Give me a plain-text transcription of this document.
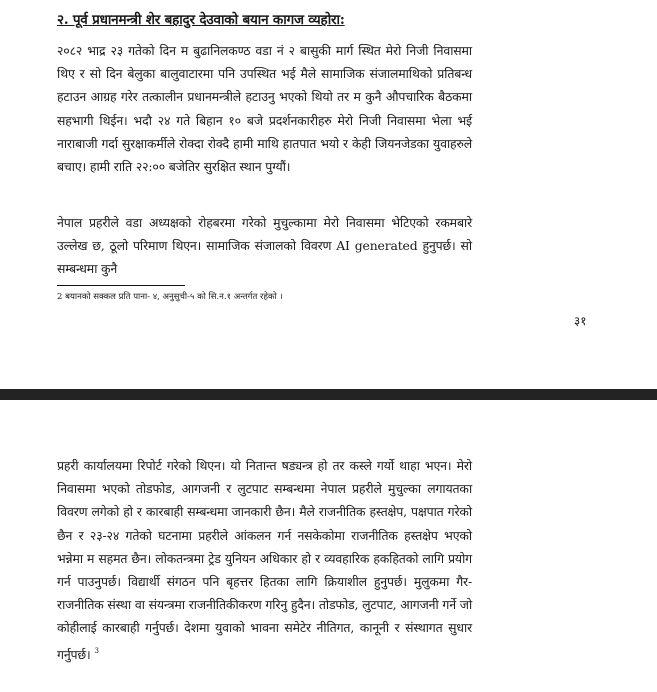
२. पूर्व प्रधानमन्त्री शेर बहादुर देउवाको बयान कागज व्यहोरा:
२०८२ भाद्र २३ गतेको दिन म बुढानिलकण्ठ वडा नं २ बासुकी मार्ग स्थित मेरो निजी निवासमा थिए र सो दिन बेलुका बालुवाटारमा पनि उपस्थित भई मैले सामाजिक संजालमाथिको प्रतिबन्ध हटाउन आग्रह गरेर तत्कालीन प्रधानमन्त्रीले हटाउनु भएको थियो तर म कुनै औपचारिक बैठकमा सहभागी थिईन। भदौ २४ गते बिहान १० बजे प्रदर्शनकारीहरु मेरो निजी निवासमा भेला भई नाराबाजी गर्दा सुरक्षाकर्मीले रोक्दा रोक्दै हामी माथि हातपात भयो र केही जियनजेडका युवाहरुले बचाए। हामी राति २२:०० बजेतिर सुरक्षित स्थान पुग्यौं।
नेपाल प्रहरीले वडा अध्यक्षको रोहबरमा गरेको मुचुल्कामा मेरो निवासमा भेटिएको रकमबारे उल्लेख छ, ठूलो परिमाण थिएन। सामाजिक संजालको विवरण AI generated हुनुपर्छ। सो सम्बन्धमा कुनै
2 बयानको सक्कल प्रति पाना- ४, अनुसुची-५ को सि.न.१ अन्तर्गत रहेको ।
३१
प्रहरी कार्यालयमा रिपोर्ट गरेको थिएन। यो नितान्त षड्यन्त्र हो तर कस्ले गर्यो थाहा भएन। मेरो निवासमा भएको तोडफोड, आगजनी र लुटपाट सम्बन्धमा नेपाल प्रहरीले मुचुल्का लगायतका विवरण लगेको हो र कारबाही सम्बन्धमा जानकारी छैन। मैले राजनीतिक हस्तक्षेप, पक्षपात गरेको छैन र २३-२४ गतेको घटनामा प्रहरीले आंकलन गर्न नसकेकोमा राजनीतिक हस्तक्षेप भएको भन्नेमा म सहमत छैन। लोकतन्त्रमा ट्रेड युनियन अधिकार हो र व्यवहारिक हकहितको लागि प्रयोग गर्न पाउनुपर्छ। विद्यार्थी संगठन पनि बृहत्तर हितका लागि क्रियाशील हुनुपर्छ। मुलुकमा गैर-राजनीतिक संस्था वा संयन्त्रमा राजनीतिकीकरण गरिनु हुदैन। तोडफोड, लुटपाट, आगजनी गर्ने जो कोहीलाई कारबाही गर्नुपर्छ। देशमा युवाको भावना समेटेर नीतिगत, कानूनी र संस्थागत सुधार गर्नुपर्छ। $^3$
